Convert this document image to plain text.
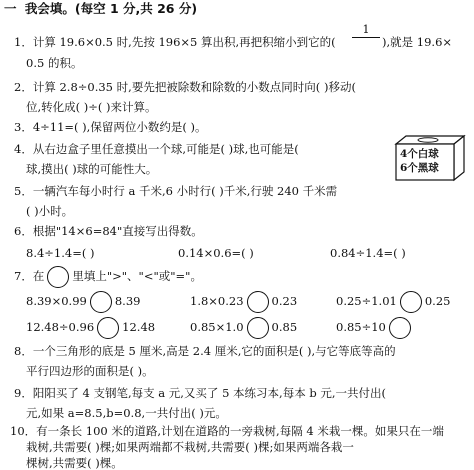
一 我会填。(每空 1 分,共 26 分)
1．计算 19.6×0.5 时,先按 196×5 算出积,再把积缩小到它的(
1
),就是 19.6×
0.5 的积。
2．计算 2.8÷0.35 时,要先把被除数和除数的小数点同时向( )移动(
位,转化成( )÷( )来计算。
3．4÷11=( ),保留两位小数约是( )。
4．从右边盒子里任意摸出一个球,可能是( )球,也可能是(
球,摸出( )球的可能性大。
4个白球
6个黑球
5．一辆汽车每小时行 a 千米,6 小时行( )千米,行驶 240 千米需
( )小时。
6．根据"14×6=84"直接写出得数。
8.4÷1.4=( )	0.14×0.6=( )	0.84÷1.4=( )
7．在 里填上">"、"<"或"="。
8.39×0.99 8.39	1.8×0.23 0.23	0.25÷1.01 0.25
12.48÷0.96 12.48	0.85×1.0 0.85	0.85÷10
8．一个三角形的底是 5 厘米,高是 2.4 厘米,它的面积是( ),与它等底等高的
平行四边形的面积是( )。
9．阳阳买了 4 支钢笔,每支 a 元,又买了 5 本练习本,每本 b 元,一共付出(
元,如果 a=8.5,b=0.8,一共付出( )元。
10．有一条长 100 米的道路,计划在道路的一旁栽树,每隔 4 米栽一棵。如果只在一端
栽树,共需要( )棵;如果两端都不栽树,共需要( )棵;如果两端各栽一
棵树,共需要( )棵。
